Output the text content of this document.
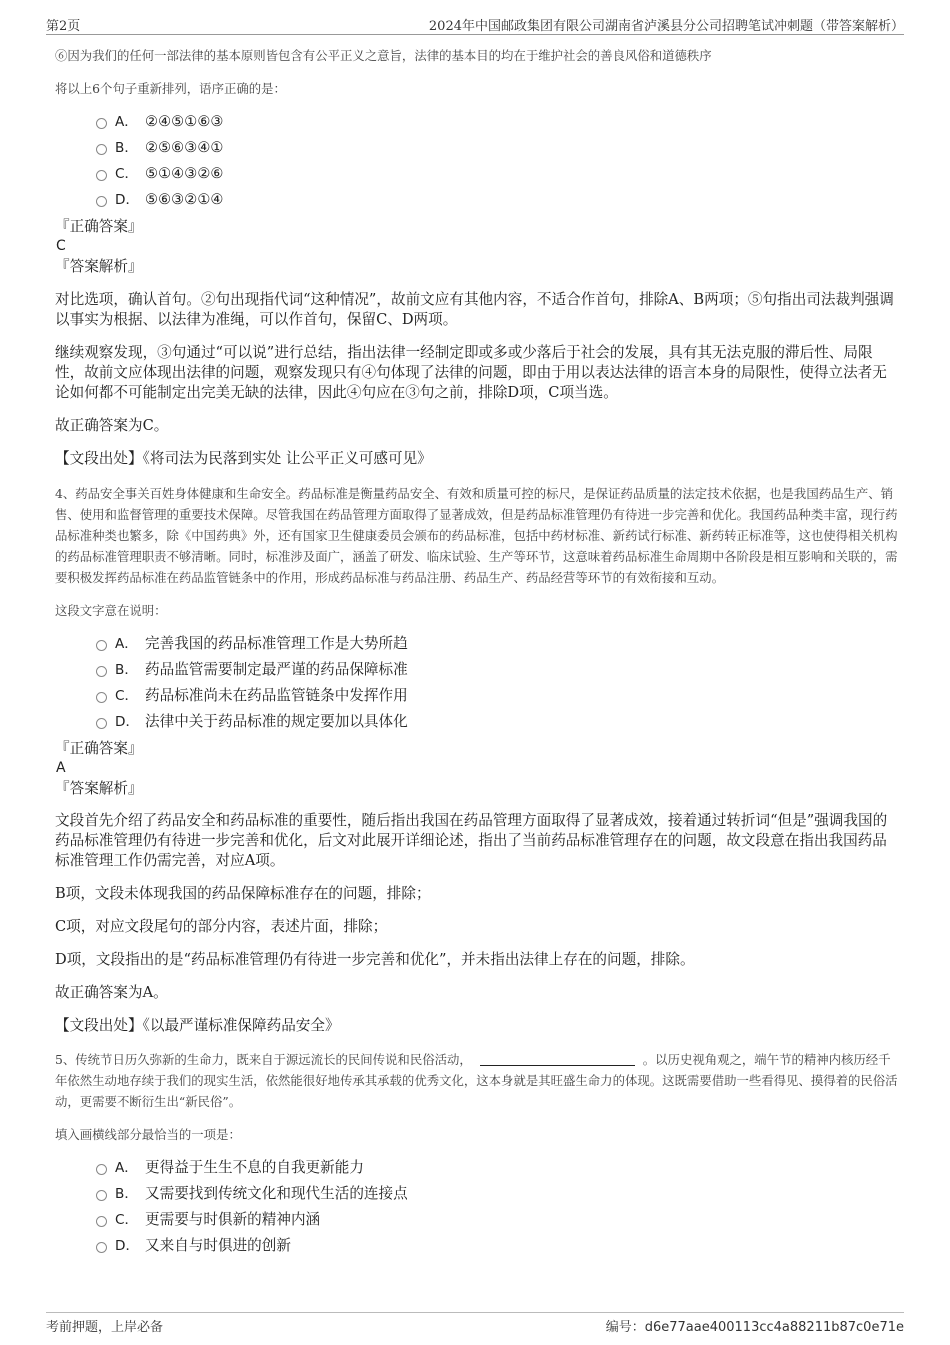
第2页	2024年中国邮政集团有限公司湖南省泸溪县分公司招聘笔试冲刺题（带答案解析）

⑥因为我们的任何一部法律的基本原则皆包含有公平正义之意旨，法律的基本目的均在于维护社会的善良风俗和道德秩序

将以上6个句子重新排列，语序正确的是：

A． ②④⑤①⑥③
B． ②⑤⑥③④①
C． ⑤①④③②⑥
D． ⑤⑥③②①④

『正确答案』

C

『答案解析』

对比选项，确认首句。②句出现指代词“这种情况”，故前文应有其他内容，不适合作首句，排除A、B两项；⑤句指出司法裁判强调以事实为根据、以法律为准绳，可以作首句，保留C、D两项。

继续观察发现，③句通过“可以说”进行总结，指出法律一经制定即或多或少落后于社会的发展，具有其无法克服的滞后性、局限性，故前文应体现出法律的问题，观察发现只有④句体现了法律的问题，即由于用以表达法律的语言本身的局限性，使得立法者无论如何都不可能制定出完美无缺的法律，因此④句应在③句之前，排除D项，C项当选。

故正确答案为C。

【文段出处】《将司法为民落到实处 让公平正义可感可见》

4、药品安全事关百姓身体健康和生命安全。药品标准是衡量药品安全、有效和质量可控的标尺，是保证药品质量的法定技术依据，也是我国药品生产、销售、使用和监督管理的重要技术保障。尽管我国在药品管理方面取得了显著成效，但是药品标准管理仍有待进一步完善和优化。我国药品种类丰富，现行药品标准种类也繁多，除《中国药典》外，还有国家卫生健康委员会颁布的药品标准，包括中药材标准、新药试行标准、新药转正标准等，这也使得相关机构的药品标准管理职责不够清晰。同时，标准涉及面广，涵盖了研发、临床试验、生产等环节，这意味着药品标准生命周期中各阶段是相互影响和关联的，需要积极发挥药品标准在药品监管链条中的作用，形成药品标准与药品注册、药品生产、药品经营等环节的有效衔接和互动。

这段文字意在说明：

A． 完善我国的药品标准管理工作是大势所趋
B． 药品监管需要制定最严谨的药品保障标准
C． 药品标准尚未在药品监管链条中发挥作用
D． 法律中关于药品标准的规定要加以具体化

『正确答案』

A

『答案解析』

文段首先介绍了药品安全和药品标准的重要性，随后指出我国在药品管理方面取得了显著成效，接着通过转折词“但是”强调我国的药品标准管理仍有待进一步完善和优化，后文对此展开详细论述，指出了当前药品标准管理存在的问题，故文段意在指出我国药品标准管理工作仍需完善，对应A项。

B项，文段未体现我国的药品保障标准存在的问题，排除；

C项，对应文段尾句的部分内容，表述片面，排除；

D项，文段指出的是“药品标准管理仍有待进一步完善和优化”，并未指出法律上存在的问题，排除。

故正确答案为A。

【文段出处】《以最严谨标准保障药品安全》

5、传统节日历久弥新的生命力，既来自于源远流长的民间传说和民俗活动，	。以历史视角观之，端午节的精神内核历经千年依然生动地存续于我们的现实生活，依然能很好地传承其承载的优秀文化，这本身就是其旺盛生命力的体现。这既需要借助一些看得见、摸得着的民俗活动，更需要不断衍生出“新民俗”。

填入画横线部分最恰当的一项是：

A． 更得益于生生不息的自我更新能力
B． 又需要找到传统文化和现代生活的连接点
C． 更需要与时俱新的精神内涵
D． 又来自与时俱进的创新
考前押题，上岸必备	编号：d6e77aae400113cc4a88211b87c0e71e
